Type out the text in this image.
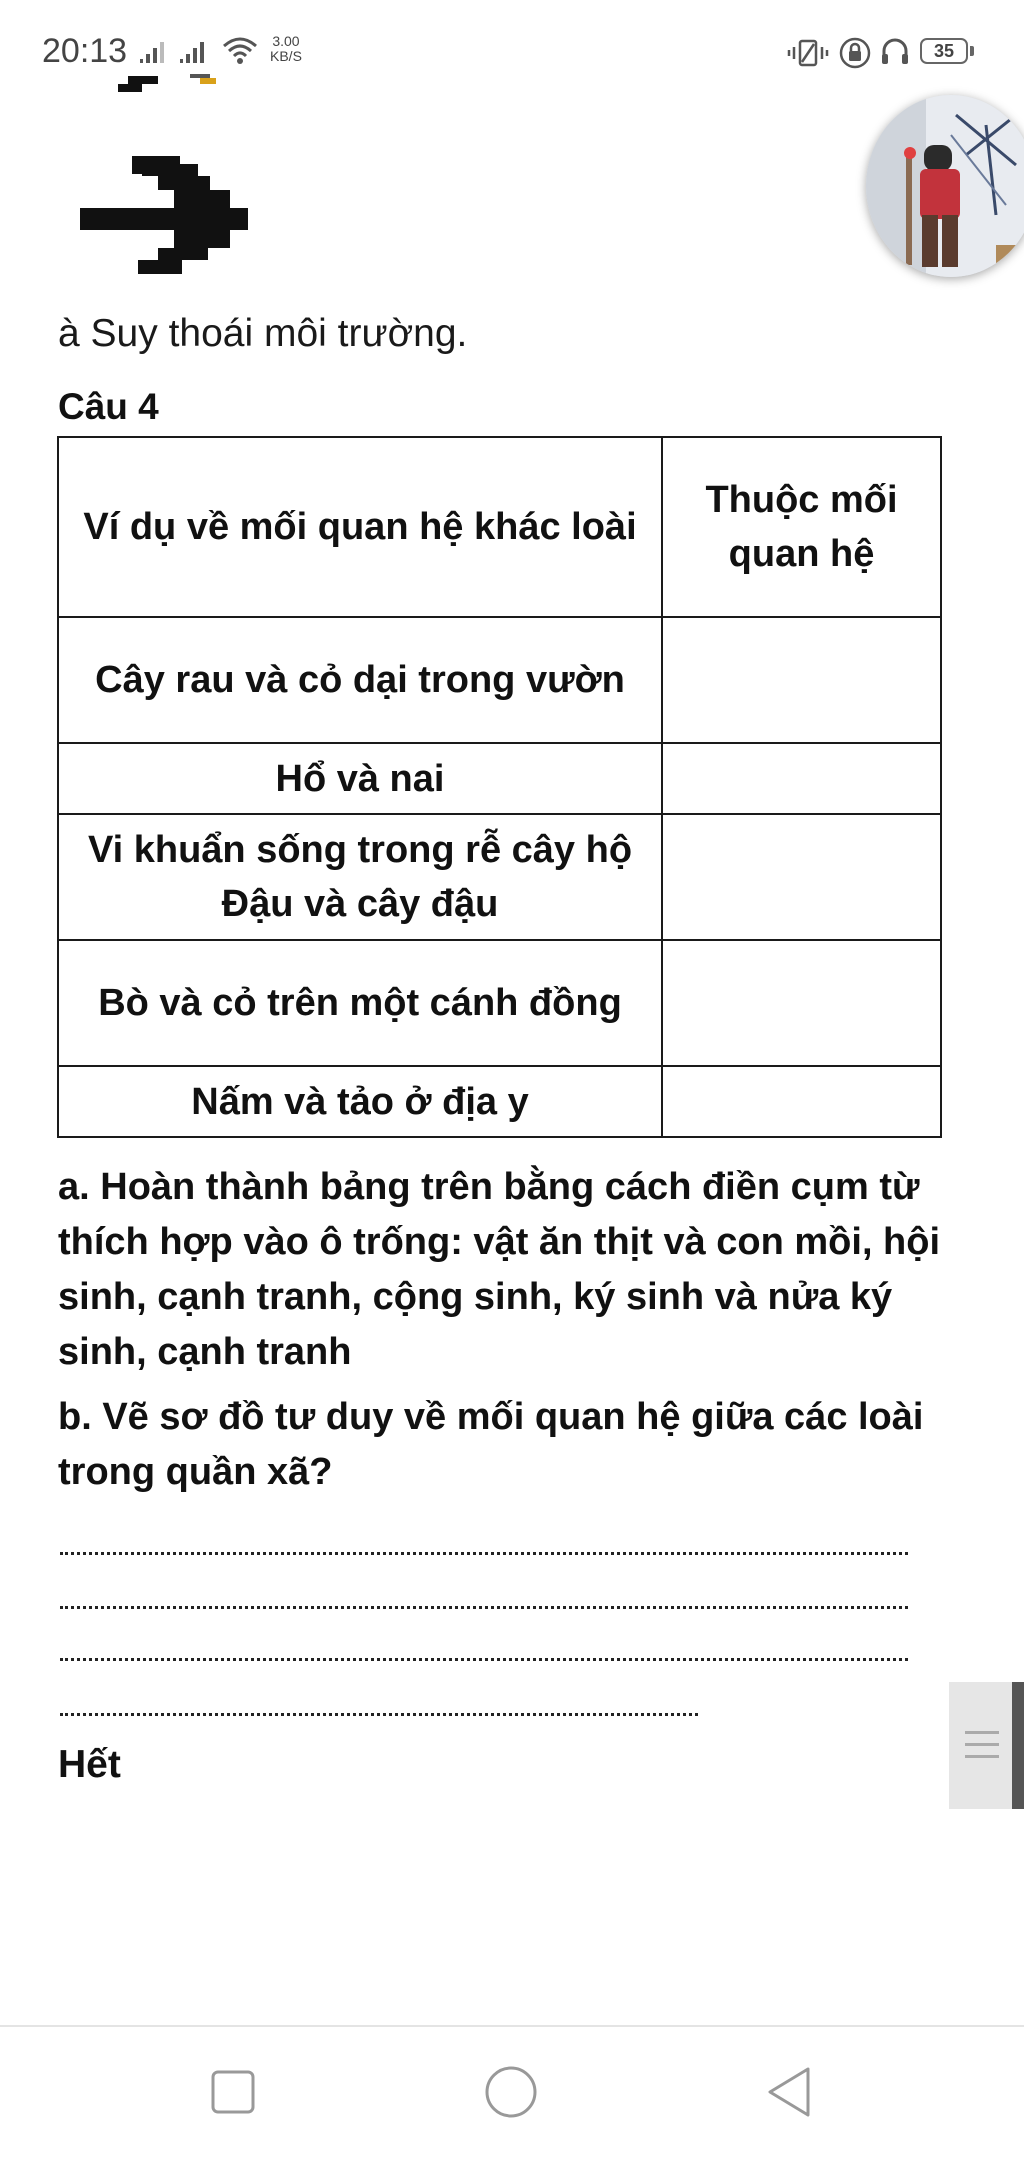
20:13	3.00
KB/S	35
à Suy thoái môi trường.
Câu 4
Ví dụ về mối quan hệ khác loài	Thuộc mối quan hệ
Cây rau và cỏ dại trong vườn	
Hổ và nai	
Vi khuẩn sống trong rễ cây hộ Đậu và cây đậu	
Bò và cỏ trên một cánh đồng	
Nấm và tảo ở địa y	
a. Hoàn thành bảng trên bằng cách điền cụm từ thích hợp vào ô trống: vật ăn thịt và con mồi, hội sinh, cạnh tranh, cộng sinh, ký sinh và nửa ký sinh, cạnh tranh
b. Vẽ sơ đồ tư duy về mối quan hệ giữa các loài trong quần xã?
Hết
